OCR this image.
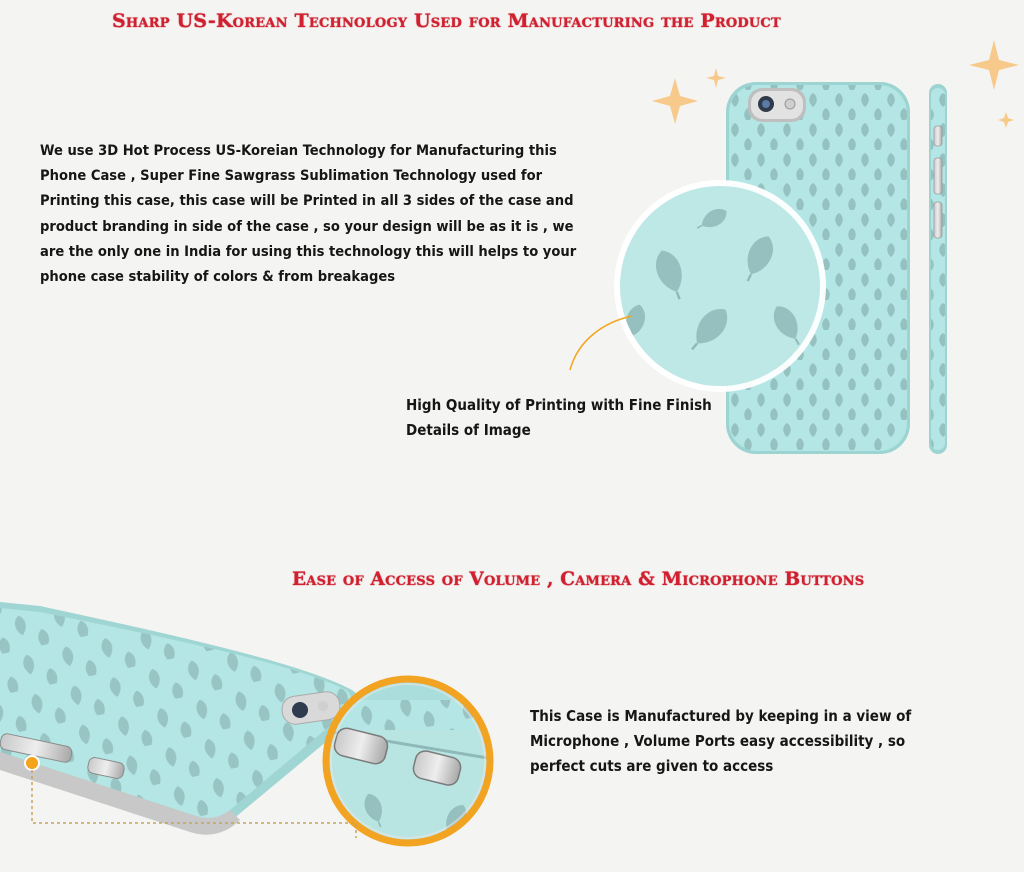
Sharp US-Korean Technology Used for Manufacturing the Product

We use 3D Hot Process US-Koreian Technology for Manufacturing this Phone Case , Super Fine Sawgrass Sublimation Technology used for Printing this case, this case will be Printed in all 3 sides of the case and product branding in side of the case , so your design will be as it is , we are the only one in India for using this technology this will helps to your phone case stability of colors & from breakages

High Quality of Printing with Fine Finish Details of Image

Ease of Access of Volume , Camera & Microphone Buttons

This Case is Manufactured by keeping in a view of Microphone , Volume Ports easy accessibility , so perfect cuts are given to access
